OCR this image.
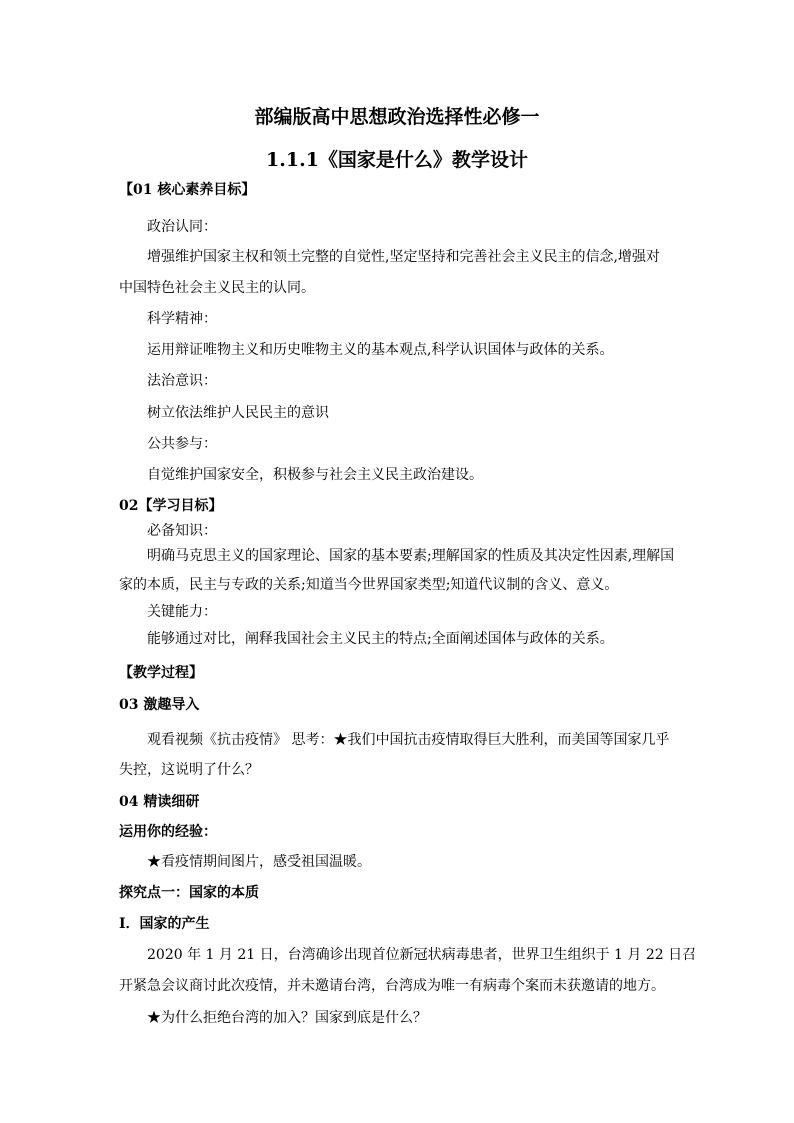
部编版高中思想政治选择性必修一
1.1.1《国家是什么》教学设计
【01 核心素养目标】
政治认同：
增强维护国家主权和领土完整的自觉性,坚定坚持和完善社会主义民主的信念,增强对
中国特色社会主义民主的认同。
科学精神：
运用辩证唯物主义和历史唯物主义的基本观点,科学认识国体与政体的关系。
法治意识：
树立依法维护人民民主的意识
公共参与：
自觉维护国家安全，积极参与社会主义民主政治建设。
02【学习目标】
必备知识：
明确马克思主义的国家理论、国家的基本要素;理解国家的性质及其决定性因素,理解国
家的本质，民主与专政的关系;知道当今世界国家类型;知道代议制的含义、意义。
关键能力：
能够通过对比，阐释我国社会主义民主的特点;全面阐述国体与政体的关系。
【教学过程】
03 激趣导入
观看视频《抗击疫情》 思考：★我们中国抗击疫情取得巨大胜利，而美国等国家几乎
失控，这说明了什么？
04 精读细研
运用你的经验：
★看疫情期间图片，感受祖国温暖。
探究点一：国家的本质
Ⅰ．国家的产生
2020 年 1 月 21 日，台湾确诊出现首位新冠状病毒患者，世界卫生组织于 1 月 22 日召
开紧急会议商讨此次疫情，并未邀请台湾，台湾成为唯一有病毒个案而未获邀请的地方。
★为什么拒绝台湾的加入？国家到底是什么？
